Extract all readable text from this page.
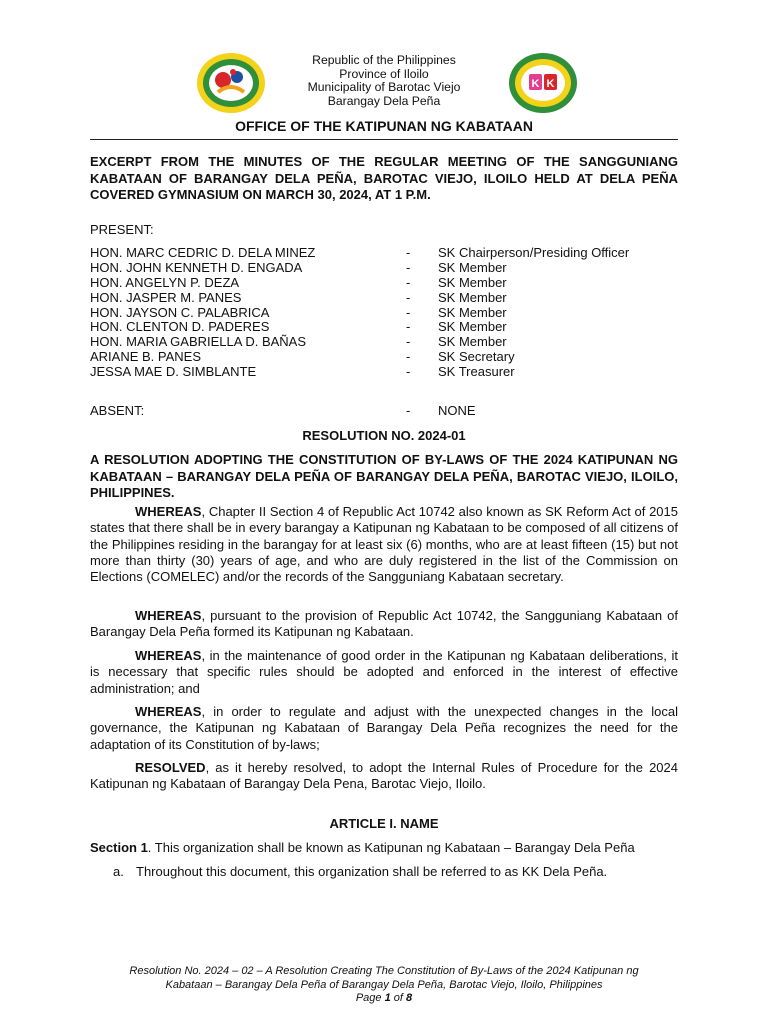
Republic of the Philippines
Province of Iloilo
Municipality of Barotac Viejo
Barangay Dela Peña
K K
OFFICE OF THE KATIPUNAN NG KABATAAN
EXCERPT FROM THE MINUTES OF THE REGULAR MEETING OF THE SANGGUNIANG KABATAAN OF BARANGAY DELA PEÑA, BAROTAC VIEJO, ILOILO HELD AT DELA PEÑA COVERED GYMNASIUM ON MARCH 30, 2024, AT 1 P.M.
PRESENT:
HON. MARC CEDRIC D. DELA MINEZ	- SK Chairperson/Presiding Officer
HON. JOHN KENNETH D. ENGADA	- SK Member
HON. ANGELYN P. DEZA	- SK Member
HON. JASPER M. PANES	- SK Member
HON. JAYSON C. PALABRICA	- SK Member
HON. CLENTON D. PADERES	- SK Member
HON. MARIA GABRIELLA D. BAÑAS	- SK Member
ARIANE B. PANES	- SK Secretary
JESSA MAE D. SIMBLANTE	- SK Treasurer
ABSENT:	- NONE
RESOLUTION NO. 2024-01
A RESOLUTION ADOPTING THE CONSTITUTION OF BY-LAWS OF THE 2024 KATIPUNAN NG KABATAAN – BARANGAY DELA PEÑA OF BARANGAY DELA PEÑA, BAROTAC VIEJO, ILOILO, PHILIPPINES.
WHEREAS, Chapter II Section 4 of Republic Act 10742 also known as SK Reform Act of 2015 states that there shall be in every barangay a Katipunan ng Kabataan to be composed of all citizens of the Philippines residing in the barangay for at least six (6) months, who are at least fifteen (15) but not more than thirty (30) years of age, and who are duly registered in the list of the Commission on Elections (COMELEC) and/or the records of the Sangguniang Kabataan secretary.
WHEREAS, pursuant to the provision of Republic Act 10742, the Sangguniang Kabataan of Barangay Dela Peña formed its Katipunan ng Kabataan.
WHEREAS, in the maintenance of good order in the Katipunan ng Kabataan deliberations, it is necessary that specific rules should be adopted and enforced in the interest of effective administration; and
WHEREAS, in order to regulate and adjust with the unexpected changes in the local governance, the Katipunan ng Kabataan of Barangay Dela Peña recognizes the need for the adaptation of its Constitution of by-laws;
RESOLVED, as it hereby resolved, to adopt the Internal Rules of Procedure for the 2024 Katipunan ng Kabataan of Barangay Dela Pena, Barotac Viejo, Iloilo.
ARTICLE I. NAME
Section 1. This organization shall be known as Katipunan ng Kabataan – Barangay Dela Peña
a. Throughout this document, this organization shall be referred to as KK Dela Peña.
Resolution No. 2024 – 02 – A Resolution Creating The Constitution of By-Laws of the 2024 Katipunan ng
Kabataan – Barangay Dela Peña of Barangay Dela Peña, Barotac Viejo, Iloilo, Philippines
Page 1 of 8
